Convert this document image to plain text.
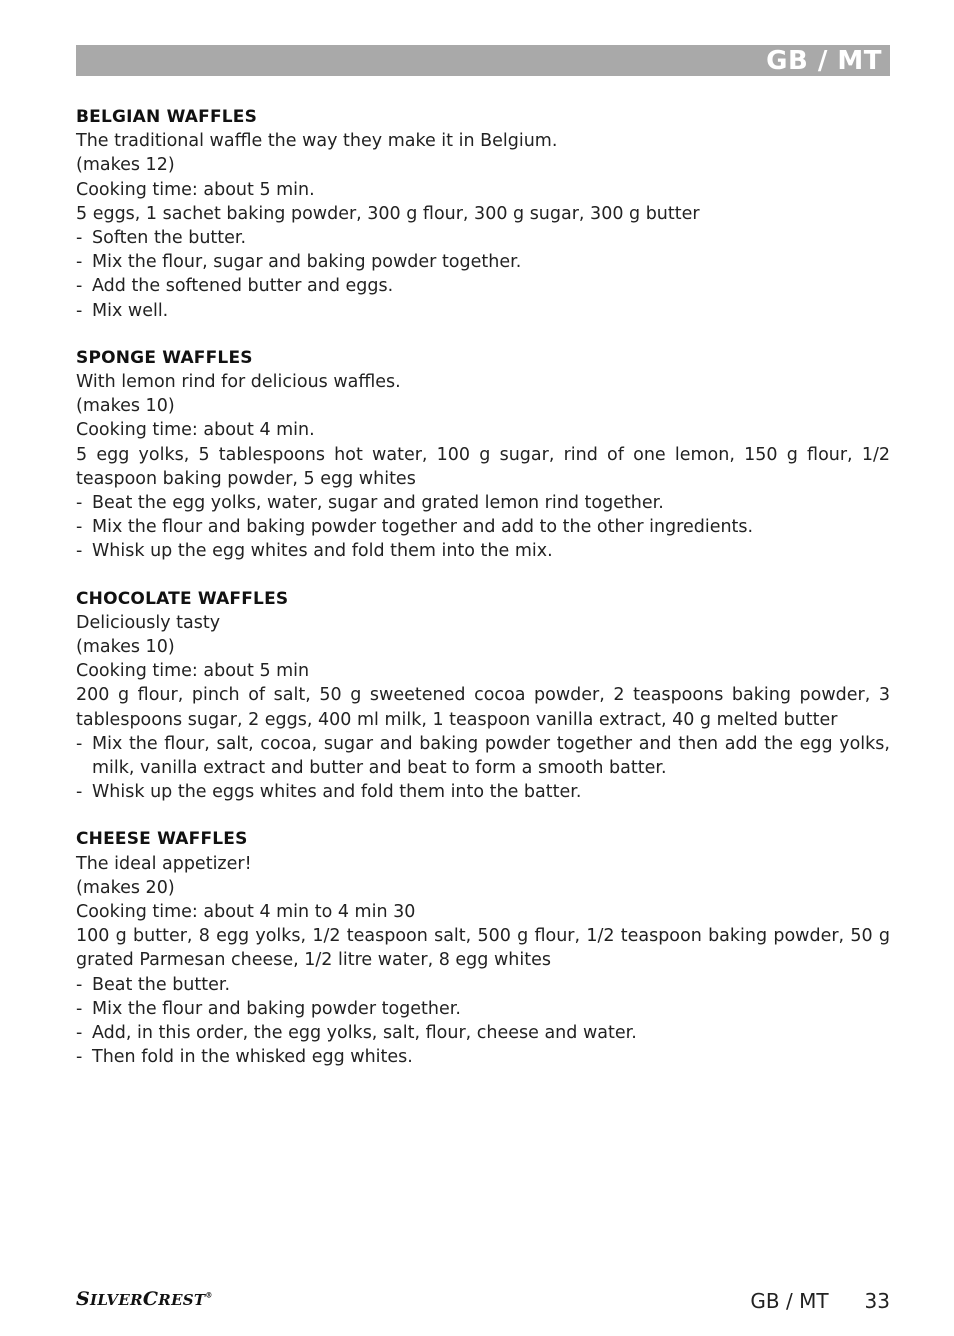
GB / MT
BELGIAN WAFFLES
The traditional waffle the way they make it in Belgium.
(makes 12)
Cooking time: about 5 min.
5 eggs, 1 sachet baking powder, 300 g flour, 300 g sugar, 300 g butter
- Soften the butter.
- Mix the flour, sugar and baking powder together.
- Add the softened butter and eggs.
- Mix well.
SPONGE WAFFLES
With lemon rind for delicious waffles.
(makes 10)
Cooking time: about 4 min.
5 egg yolks, 5 tablespoons hot water, 100 g sugar, rind of one lemon, 150 g flour, 1/2 teaspoon baking powder, 5 egg whites
- Beat the egg yolks, water, sugar and grated lemon rind together.
- Mix the flour and baking powder together and add to the other ingredients.
- Whisk up the egg whites and fold them into the mix.
CHOCOLATE WAFFLES
Deliciously tasty
(makes 10)
Cooking time: about 5 min
200 g flour, pinch of salt, 50 g sweetened cocoa powder, 2 teaspoons baking powder, 3 tablespoons sugar, 2 eggs, 400 ml milk, 1 teaspoon vanilla extract, 40 g melted butter
- Mix the flour, salt, cocoa, sugar and baking powder together and then add the egg yolks, milk, vanilla extract and butter and beat to form a smooth batter.
- Whisk up the eggs whites and fold them into the batter.
CHEESE WAFFLES
The ideal appetizer!
(makes 20)
Cooking time: about 4 min to 4 min 30
100 g butter, 8 egg yolks, 1/2 teaspoon salt, 500 g flour, 1/2 teaspoon baking powder, 50 g grated Parmesan cheese, 1/2 litre water, 8 egg whites
- Beat the butter.
- Mix the flour and baking powder together.
- Add, in this order, the egg yolks, salt, flour, cheese and water.
- Then fold in the whisked egg whites.
SILVERCREST®	GB / MT 33
